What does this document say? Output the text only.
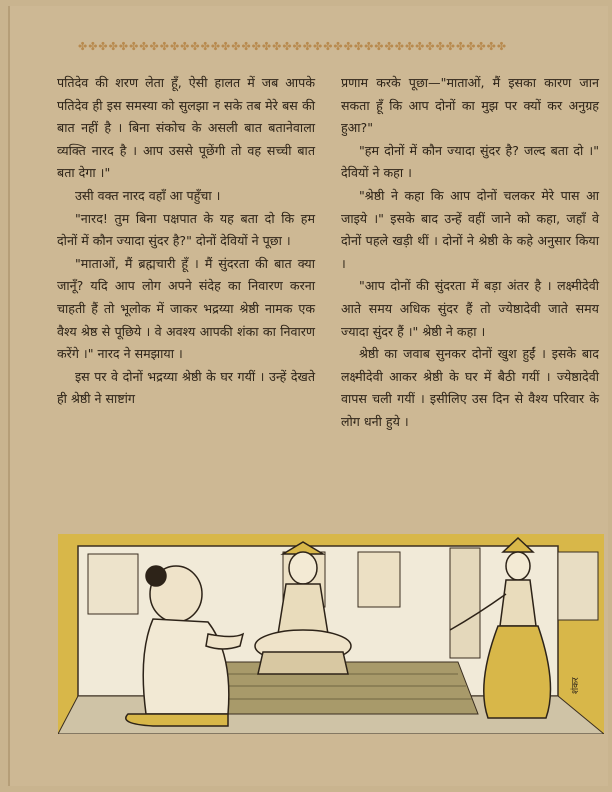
✤✤✤✤✤✤✤✤✤✤✤✤✤✤✤✤✤✤✤✤✤✤✤✤✤✤✤✤✤✤✤✤✤✤✤✤✤✤✤✤✤✤

पतिदेव की शरण लेता हूँ, ऐसी हालत में जब आपके पतिदेव ही इस समस्या को सुलझा न सके तब मेरे बस की बात नहीं है । बिना संकोच के असली बात बतानेवाला व्यक्ति नारद है । आप उससे पूछेंगी तो वह सच्ची बात बता देगा ।"

उसी वक्त नारद वहाँ आ पहुँचा ।

"नारद! तुम बिना पक्षपात के यह बता दो कि हम दोनों में कौन ज्यादा सुंदर है?" दोनों देवियों ने पूछा ।

"माताओं, मैं ब्रह्मचारी हूँ । मैं सुंदरता की बात क्या जानूँ? यदि आप लोग अपने संदेह का निवारण करना चाहती हैं तो भूलोक में जाकर भद्रय्या श्रेष्ठी नामक एक वैश्य श्रेष्ठ से पूछिये । वे अवश्य आपकी शंका का निवारण करेंगे ।" नारद ने समझाया ।

इस पर वे दोनों भद्रय्या श्रेष्ठी के घर गयीं । उन्हें देखते ही श्रेष्ठी ने साष्टांग

प्रणाम करके पूछा—"माताओं, मैं इसका कारण जान सकता हूँ कि आप दोनों का मुझ पर क्यों कर अनुग्रह हुआ?"

"हम दोनों में कौन ज्यादा सुंदर है? जल्द बता दो ।" देवियों ने कहा ।

"श्रेष्ठी ने कहा कि आप दोनों चलकर मेरे पास आ जाइये ।" इसके बाद उन्हें वहीं जाने को कहा, जहाँ वे दोनों पहले खड़ी थीं । दोनों ने श्रेष्ठी के कहे अनुसार किया ।

"आप दोनों की सुंदरता में बड़ा अंतर है । लक्ष्मीदेवी आते समय अधिक सुंदर हैं तो ज्येष्ठादेवी जाते समय ज्यादा सुंदर हैं ।" श्रेष्ठी ने कहा ।

श्रेष्ठी का जवाब सुनकर दोनों खुश हुईं । इसके बाद लक्ष्मीदेवी आकर श्रेष्ठी के घर में बैठी गयीं । ज्येष्ठादेवी वापस चली गयीं । इसीलिए उस दिन से वैश्य परिवार के लोग धनी हुये ।

शंकर
